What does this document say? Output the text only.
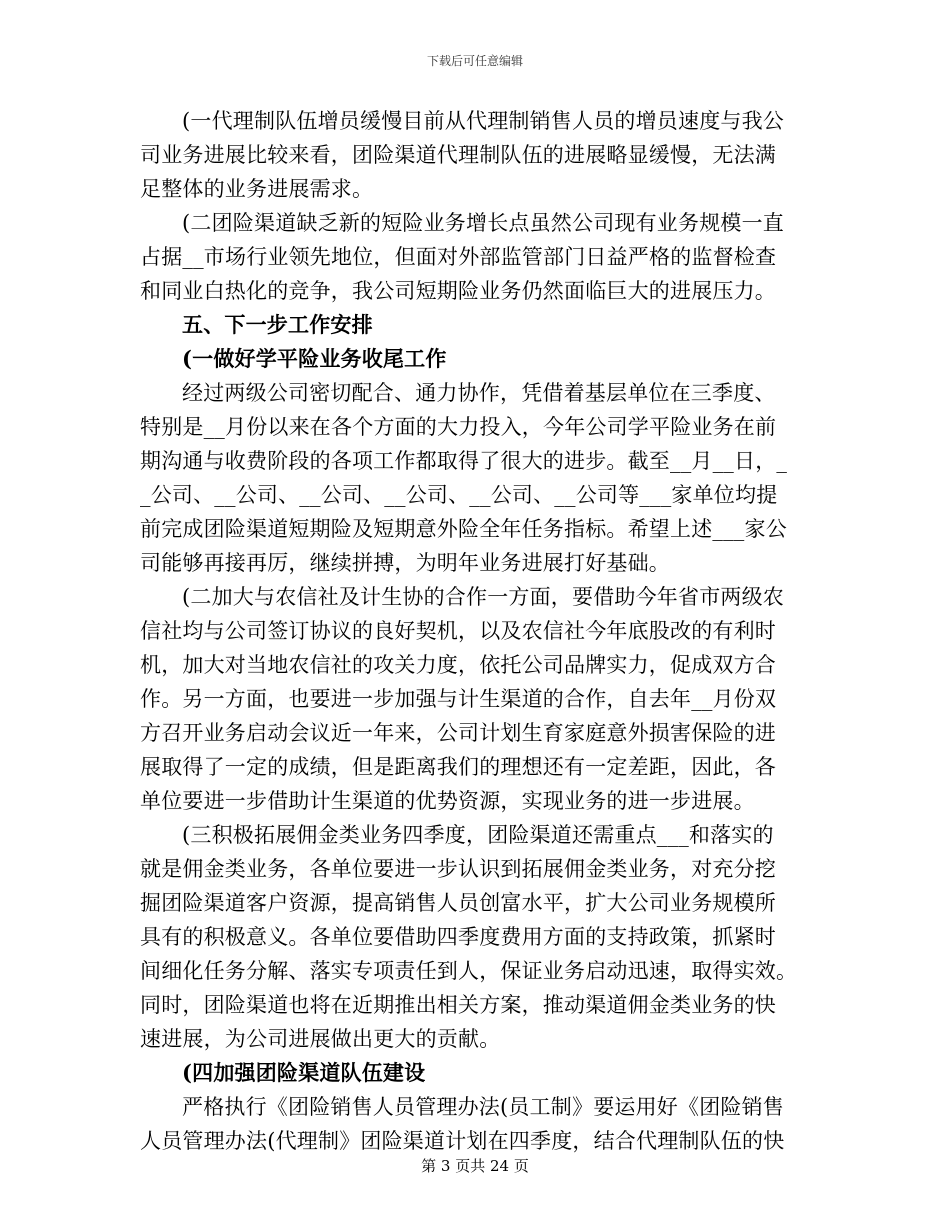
下载后可任意编辑
(一代理制队伍增员缓慢目前从代理制销售人员的增员速度与我公
司业务进展比较来看，团险渠道代理制队伍的进展略显缓慢，无法满
足整体的业务进展需求。
(二团险渠道缺乏新的短险业务增长点虽然公司现有业务规模一直
占据__市场行业领先地位，但面对外部监管部门日益严格的监督检查
和同业白热化的竞争，我公司短期险业务仍然面临巨大的进展压力。
五、下一步工作安排
(一做好学平险业务收尾工作
经过两级公司密切配合、通力协作，凭借着基层单位在三季度、
特别是__月份以来在各个方面的大力投入，今年公司学平险业务在前
期沟通与收费阶段的各项工作都取得了很大的进步。截至__月__日，_
_公司、__公司、__公司、__公司、__公司、__公司等___家单位均提
前完成团险渠道短期险及短期意外险全年任务指标。希望上述___家公
司能够再接再厉，继续拼搏，为明年业务进展打好基础。
(二加大与农信社及计生协的合作一方面，要借助今年省市两级农
信社均与公司签订协议的良好契机，以及农信社今年底股改的有利时
机，加大对当地农信社的攻关力度，依托公司品牌实力，促成双方合
作。另一方面，也要进一步加强与计生渠道的合作，自去年__月份双
方召开业务启动会议近一年来，公司计划生育家庭意外损害保险的进
展取得了一定的成绩，但是距离我们的理想还有一定差距，因此，各
单位要进一步借助计生渠道的优势资源，实现业务的进一步进展。
(三积极拓展佣金类业务四季度，团险渠道还需重点___和落实的
就是佣金类业务，各单位要进一步认识到拓展佣金类业务，对充分挖
掘团险渠道客户资源，提高销售人员创富水平，扩大公司业务规模所
具有的积极意义。各单位要借助四季度费用方面的支持政策，抓紧时
间细化任务分解、落实专项责任到人，保证业务启动迅速，取得实效。
同时，团险渠道也将在近期推出相关方案，推动渠道佣金类业务的快
速进展，为公司进展做出更大的贡献。
(四加强团险渠道队伍建设
严格执行《团险销售人员管理办法(员工制》要运用好《团险销售
人员管理办法(代理制》团险渠道计划在四季度，结合代理制队伍的快
第 3 页共 24 页
